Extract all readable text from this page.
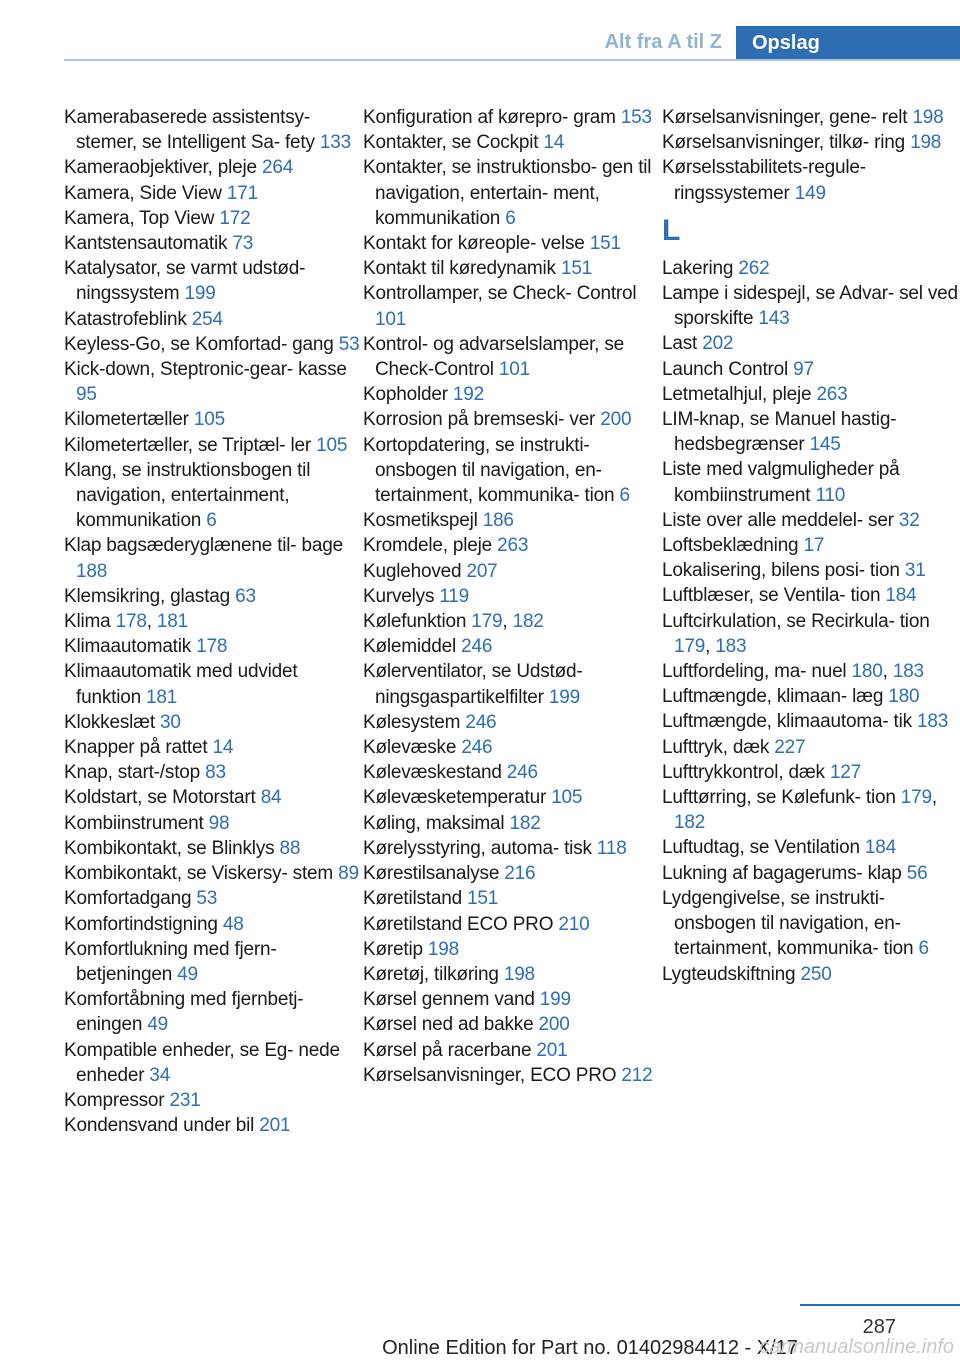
Alt fra A til Z	Opslag
Kamerabaserede assistentsy- stemer, se Intelligent Sa- fety 133
Kameraobjektiver, pleje 264
Kamera, Side View 171
Kamera, Top View 172
Kantstensautomatik 73
Katalysator, se varmt udstød- ningssystem 199
Katastrofeblink 254
Keyless-Go, se Komfortad- gang 53
Kick-down, Steptronic-gear- kasse 95
Kilometertæller 105
Kilometertæller, se Triptæl- ler 105
Klang, se instruktionsbogen til navigation, entertainment, kommunikation 6
Klap bagsæderyglænene til- bage 188
Klemsikring, glastag 63
Klima 178, 181
Klimaautomatik 178
Klimaautomatik med udvidet funktion 181
Klokkeslæt 30
Knapper på rattet 14
Knap, start-/stop 83
Koldstart, se Motorstart 84
Kombiinstrument 98
Kombikontakt, se Blinklys 88
Kombikontakt, se Viskersy- stem 89
Komfortadgang 53
Komfortindstigning 48
Komfortlukning med fjern- betjeningen 49
Komfortåbning med fjernbetj- eningen 49
Kompatible enheder, se Eg- nede enheder 34
Kompressor 231
Kondensvand under bil 201
Konfiguration af kørepro- gram 153
Kontakter, se Cockpit 14
Kontakter, se instruktionsbo- gen til navigation, entertain- ment, kommunikation 6
Kontakt for køreople- velse 151
Kontakt til køredynamik 151
Kontrollamper, se Check- Control 101
Kontrol- og advarselslamper, se Check-Control 101
Kopholder 192
Korrosion på bremseski- ver 200
Kortopdatering, se instrukti- onsbogen til navigation, en- tertainment, kommunika- tion 6
Kosmetikspejl 186
Kromdele, pleje 263
Kuglehoved 207
Kurvelys 119
Kølefunktion 179, 182
Kølemiddel 246
Kølerventilator, se Udstød- ningsgaspartikelfilter 199
Kølesystem 246
Kølevæske 246
Kølevæskestand 246
Kølevæsketemperatur 105
Køling, maksimal 182
Kørelysstyring, automa- tisk 118
Kørestilsanalyse 216
Køretilstand 151
Køretilstand ECO PRO 210
Køretip 198
Køretøj, tilkøring 198
Kørsel gennem vand 199
Kørsel ned ad bakke 200
Kørsel på racerbane 201
Kørselsanvisninger, ECO PRO 212
Kørselsanvisninger, gene- relt 198
Kørselsanvisninger, tilkø- ring 198
Kørselsstabilitets-regule- ringssystemer 149
L
Lakering 262
Lampe i sidespejl, se Advar- sel ved sporskifte 143
Last 202
Launch Control 97
Letmetalhjul, pleje 263
LIM-knap, se Manuel hastig- hedsbegrænser 145
Liste med valgmuligheder på kombiinstrument 110
Liste over alle meddelel- ser 32
Loftsbeklædning 17
Lokalisering, bilens posi- tion 31
Luftblæser, se Ventila- tion 184
Luftcirkulation, se Recirkula- tion 179, 183
Luftfordeling, ma- nuel 180, 183
Luftmængde, klimaan- læg 180
Luftmængde, klimaautoma- tik 183
Lufttryk, dæk 227
Lufttrykkontrol, dæk 127
Lufttørring, se Kølefunk- tion 179, 182
Luftudtag, se Ventilation 184
Lukning af bagagerums- klap 56
Lydgengivelse, se instrukti- onsbogen til navigation, en- tertainment, kommunika- tion 6
Lygteudskiftning 250
287
Online Edition for Part no. 01402984412 - X/17
carmanualsonline.info
